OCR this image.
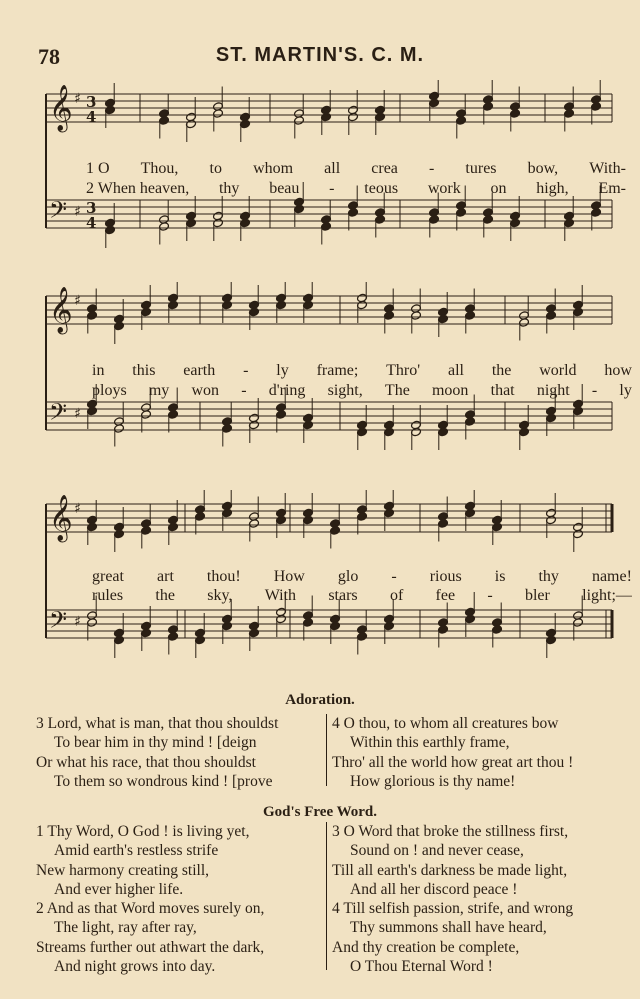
78	ST. MARTIN'S. C. M.
𝄞 ♯ 3
4
𝄢 ♯ 3
4
1 O Thou, to whom all crea - tures bow, With-
2 When heaven, thy beau - teous work on high, Em-
𝄞 ♯
𝄢 ♯
in this earth - ly frame; Thro' all the world how
ploys my won - d'ring sight, The moon that night - ly
𝄞 ♯
𝄢 ♯
great art thou! How glo - rious is thy name!
rules the sky, With stars of fee - bler light;—
Adoration.
3 Lord, what is man, that thou shouldst
To bear him in thy mind ! [deign
Or what his race, that thou shouldst
To them so wondrous kind ! [prove
4 O thou, to whom all creatures bow
Within this earthly frame,
Thro' all the world how great art thou !
How glorious is thy name!
God's Free Word.
1 Thy Word, O God ! is living yet,
Amid earth's restless strife
New harmony creating still,
And ever higher life.
2 And as that Word moves surely on,
The light, ray after ray,
Streams further out athwart the dark,
And night grows into day.
3 O Word that broke the stillness first,
Sound on ! and never cease,
Till all earth's darkness be made light,
And all her discord peace !
4 Till selfish passion, strife, and wrong
Thy summons shall have heard,
And thy creation be complete,
O Thou Eternal Word !
